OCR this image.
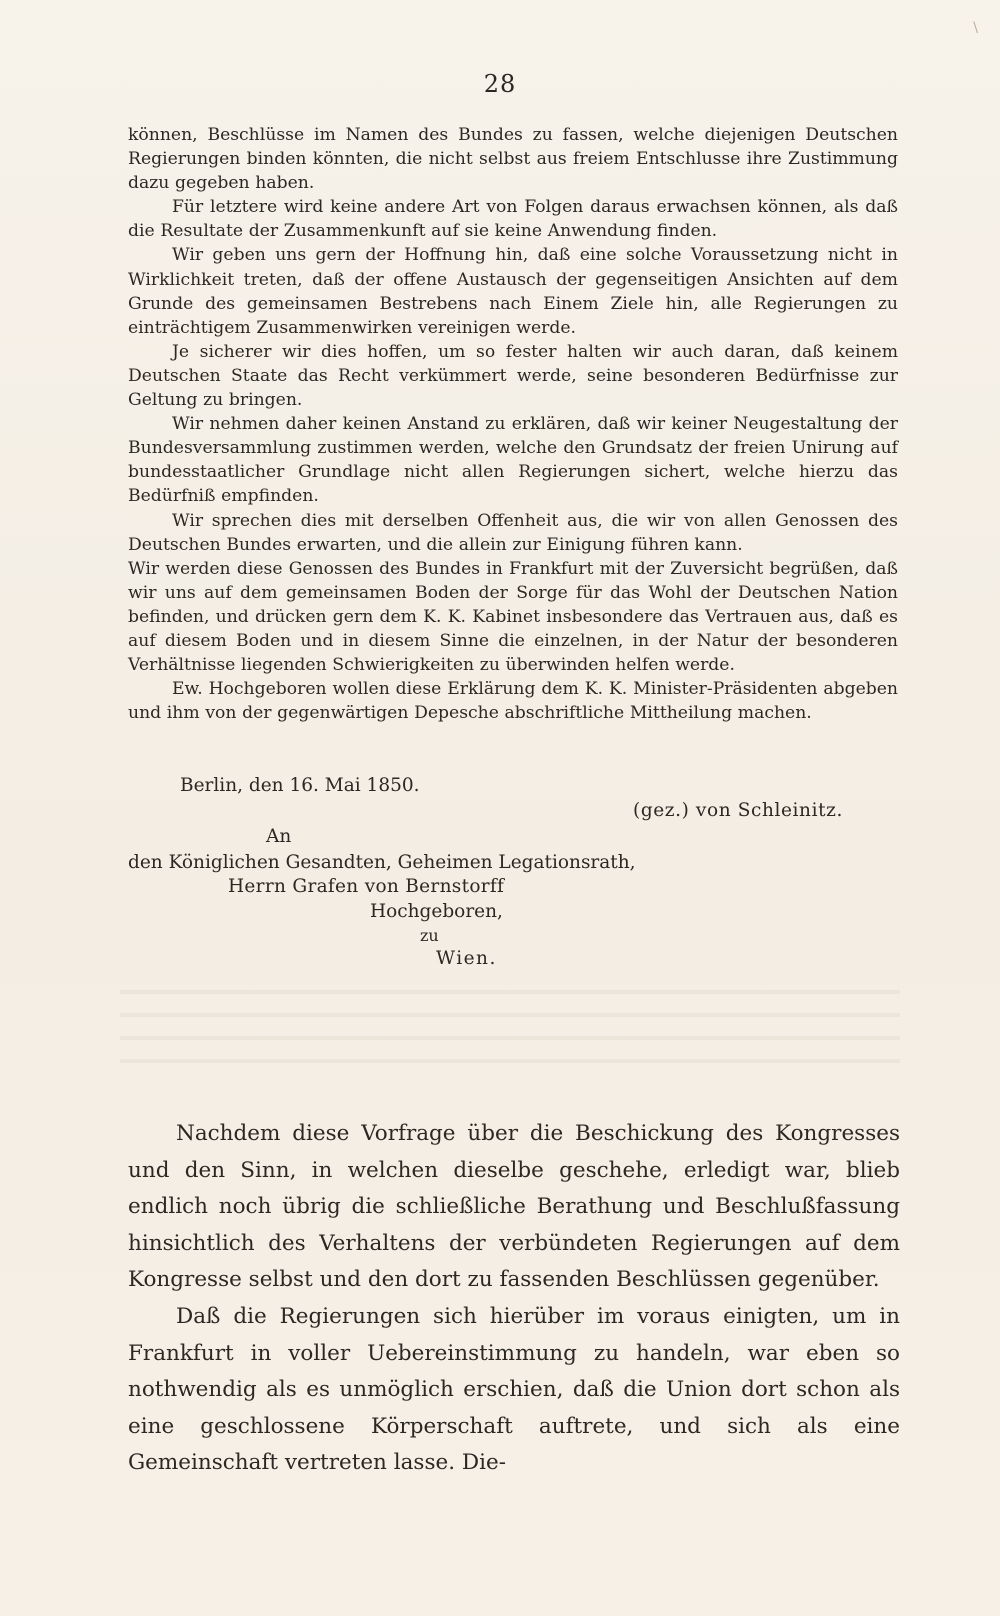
\
28

können, Beschlüsse im Namen des Bundes zu fassen, welche diejenigen Deutschen Regierungen binden könnten, die nicht selbst aus freiem Entschlusse ihre Zustimmung dazu gegeben haben.

Für letztere wird keine andere Art von Folgen daraus erwachsen können, als daß die Resultate der Zusammenkunft auf sie keine Anwendung finden.

Wir geben uns gern der Hoffnung hin, daß eine solche Voraussetzung nicht in Wirklichkeit treten, daß der offene Austausch der gegenseitigen Ansichten auf dem Grunde des gemeinsamen Bestrebens nach Einem Ziele hin, alle Regierungen zu einträchtigem Zusammenwirken vereinigen werde.

Je sicherer wir dies hoffen, um so fester halten wir auch daran, daß keinem Deutschen Staate das Recht verkümmert werde, seine besonderen Bedürfnisse zur Geltung zu bringen.

Wir nehmen daher keinen Anstand zu erklären, daß wir keiner Neugestaltung der Bundesversammlung zustimmen werden, welche den Grundsatz der freien Unirung auf bundesstaatlicher Grundlage nicht allen Regierungen sichert, welche hierzu das Bedürfniß empfinden.

Wir sprechen dies mit derselben Offenheit aus, die wir von allen Genossen des Deutschen Bundes erwarten, und die allein zur Einigung führen kann.

Wir werden diese Genossen des Bundes in Frankfurt mit der Zuversicht begrüßen, daß wir uns auf dem gemeinsamen Boden der Sorge für das Wohl der Deutschen Nation befinden, und drücken gern dem K. K. Kabinet insbesondere das Vertrauen aus, daß es auf diesem Boden und in diesem Sinne die einzelnen, in der Natur der besonderen Verhältnisse liegenden Schwierigkeiten zu überwinden helfen werde.

Ew. Hochgeboren wollen diese Erklärung dem K. K. Minister-Präsidenten abgeben und ihm von der gegenwärtigen Depesche abschriftliche Mittheilung machen.

Berlin, den 16. Mai 1850.
(gez.) von Schleinitz.
An
den Königlichen Gesandten, Geheimen Legationsrath,
Herrn Grafen von Bernstorff
Hochgeboren,
zu
Wien.

Nachdem diese Vorfrage über die Beschickung des Kongresses und den Sinn, in welchen dieselbe geschehe, erledigt war, blieb endlich noch übrig die schließliche Berathung und Beschlußfassung hinsichtlich des Verhaltens der verbündeten Regierungen auf dem Kongresse selbst und den dort zu fassenden Beschlüssen gegenüber.

Daß die Regierungen sich hierüber im voraus einigten, um in Frankfurt in voller Uebereinstimmung zu handeln, war eben so nothwendig als es unmöglich erschien, daß die Union dort schon als eine geschlossene Körperschaft auftrete, und sich als eine Gemeinschaft vertreten lasse. Die-
